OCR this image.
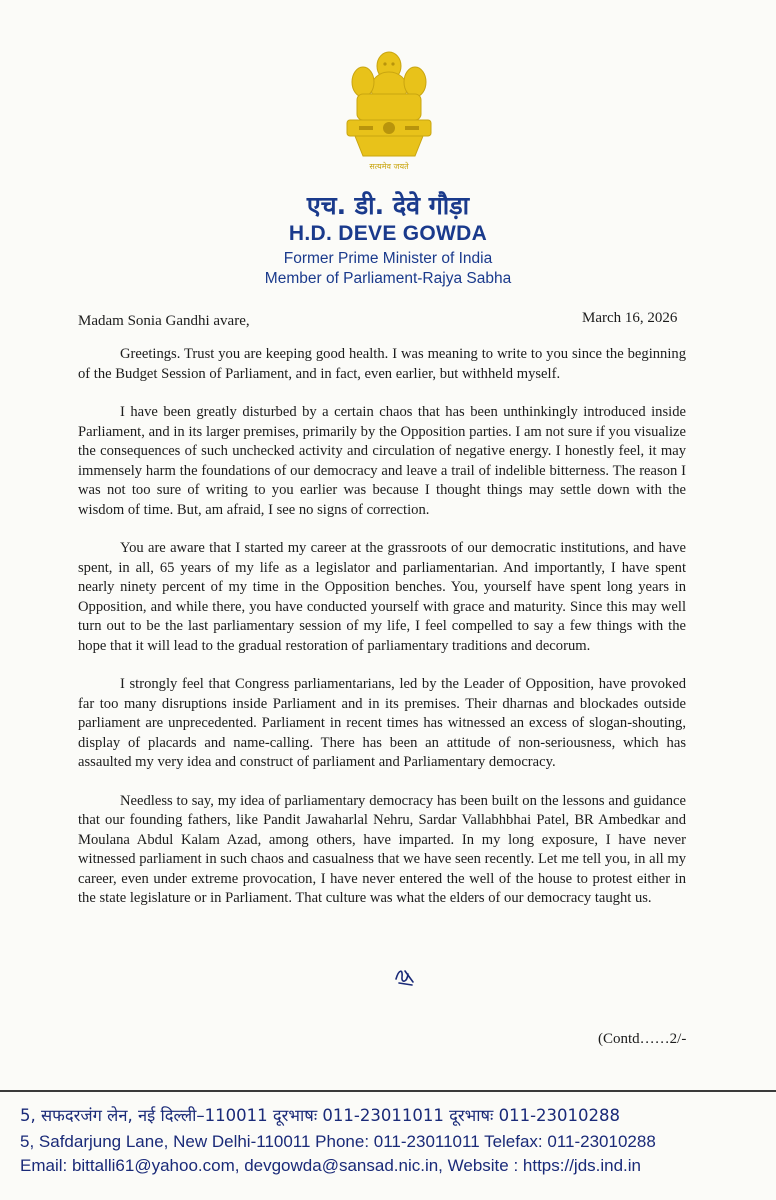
सत्यमेव जयते
एच. डी. देवे गौड़ा
H.D. DEVE GOWDA
Former Prime Minister of India
Member of Parliament-Rajya Sabha
Madam Sonia Gandhi avare,	March 16, 2026

Greetings. Trust you are keeping good health. I was meaning to write to you since the beginning of the Budget Session of Parliament, and in fact, even earlier, but withheld myself.

I have been greatly disturbed by a certain chaos that has been unthinkingly introduced inside Parliament, and in its larger premises, primarily by the Opposition parties. I am not sure if you visualize the consequences of such unchecked activity and circulation of negative energy. I honestly feel, it may immensely harm the foundations of our democracy and leave a trail of indelible bitterness. The reason I was not too sure of writing to you earlier was because I thought things may settle down with the wisdom of time. But, am afraid, I see no signs of correction.

You are aware that I started my career at the grassroots of our democratic institutions, and have spent, in all, 65 years of my life as a legislator and parliamentarian. And importantly, I have spent nearly ninety percent of my time in the Opposition benches. You, yourself have spent long years in Opposition, and while there, you have conducted yourself with grace and maturity. Since this may well turn out to be the last parliamentary session of my life, I feel compelled to say a few things with the hope that it will lead to the gradual restoration of parliamentary traditions and decorum.

I strongly feel that Congress parliamentarians, led by the Leader of Opposition, have provoked far too many disruptions inside Parliament and in its premises. Their dharnas and blockades outside parliament are unprecedented. Parliament in recent times has witnessed an excess of slogan-shouting, display of placards and name-calling. There has been an attitude of non-seriousness, which has assaulted my very idea and construct of parliament and Parliamentary democracy.

Needless to say, my idea of parliamentary democracy has been built on the lessons and guidance that our founding fathers, like Pandit Jawaharlal Nehru, Sardar Vallabhbhai Patel, BR Ambedkar and Moulana Abdul Kalam Azad, among others, have imparted. In my long exposure, I have never witnessed parliament in such chaos and casualness that we have seen recently. Let me tell you, in all my career, even under extreme provocation, I have never entered the well of the house to protest either in the state legislature or in Parliament. That culture was what the elders of our democracy taught us.

(Contd……2/-
5, सफदरजंग लेन, नई दिल्ली–110011 दूरभाषः 011-23011011 दूरभाषः 011-23010288
5, Safdarjung Lane, New Delhi-110011 Phone: 011-23011011 Telefax: 011-23010288
Email: bittalli61@yahoo.com, devgowda@sansad.nic.in, Website : https://jds.ind.in
